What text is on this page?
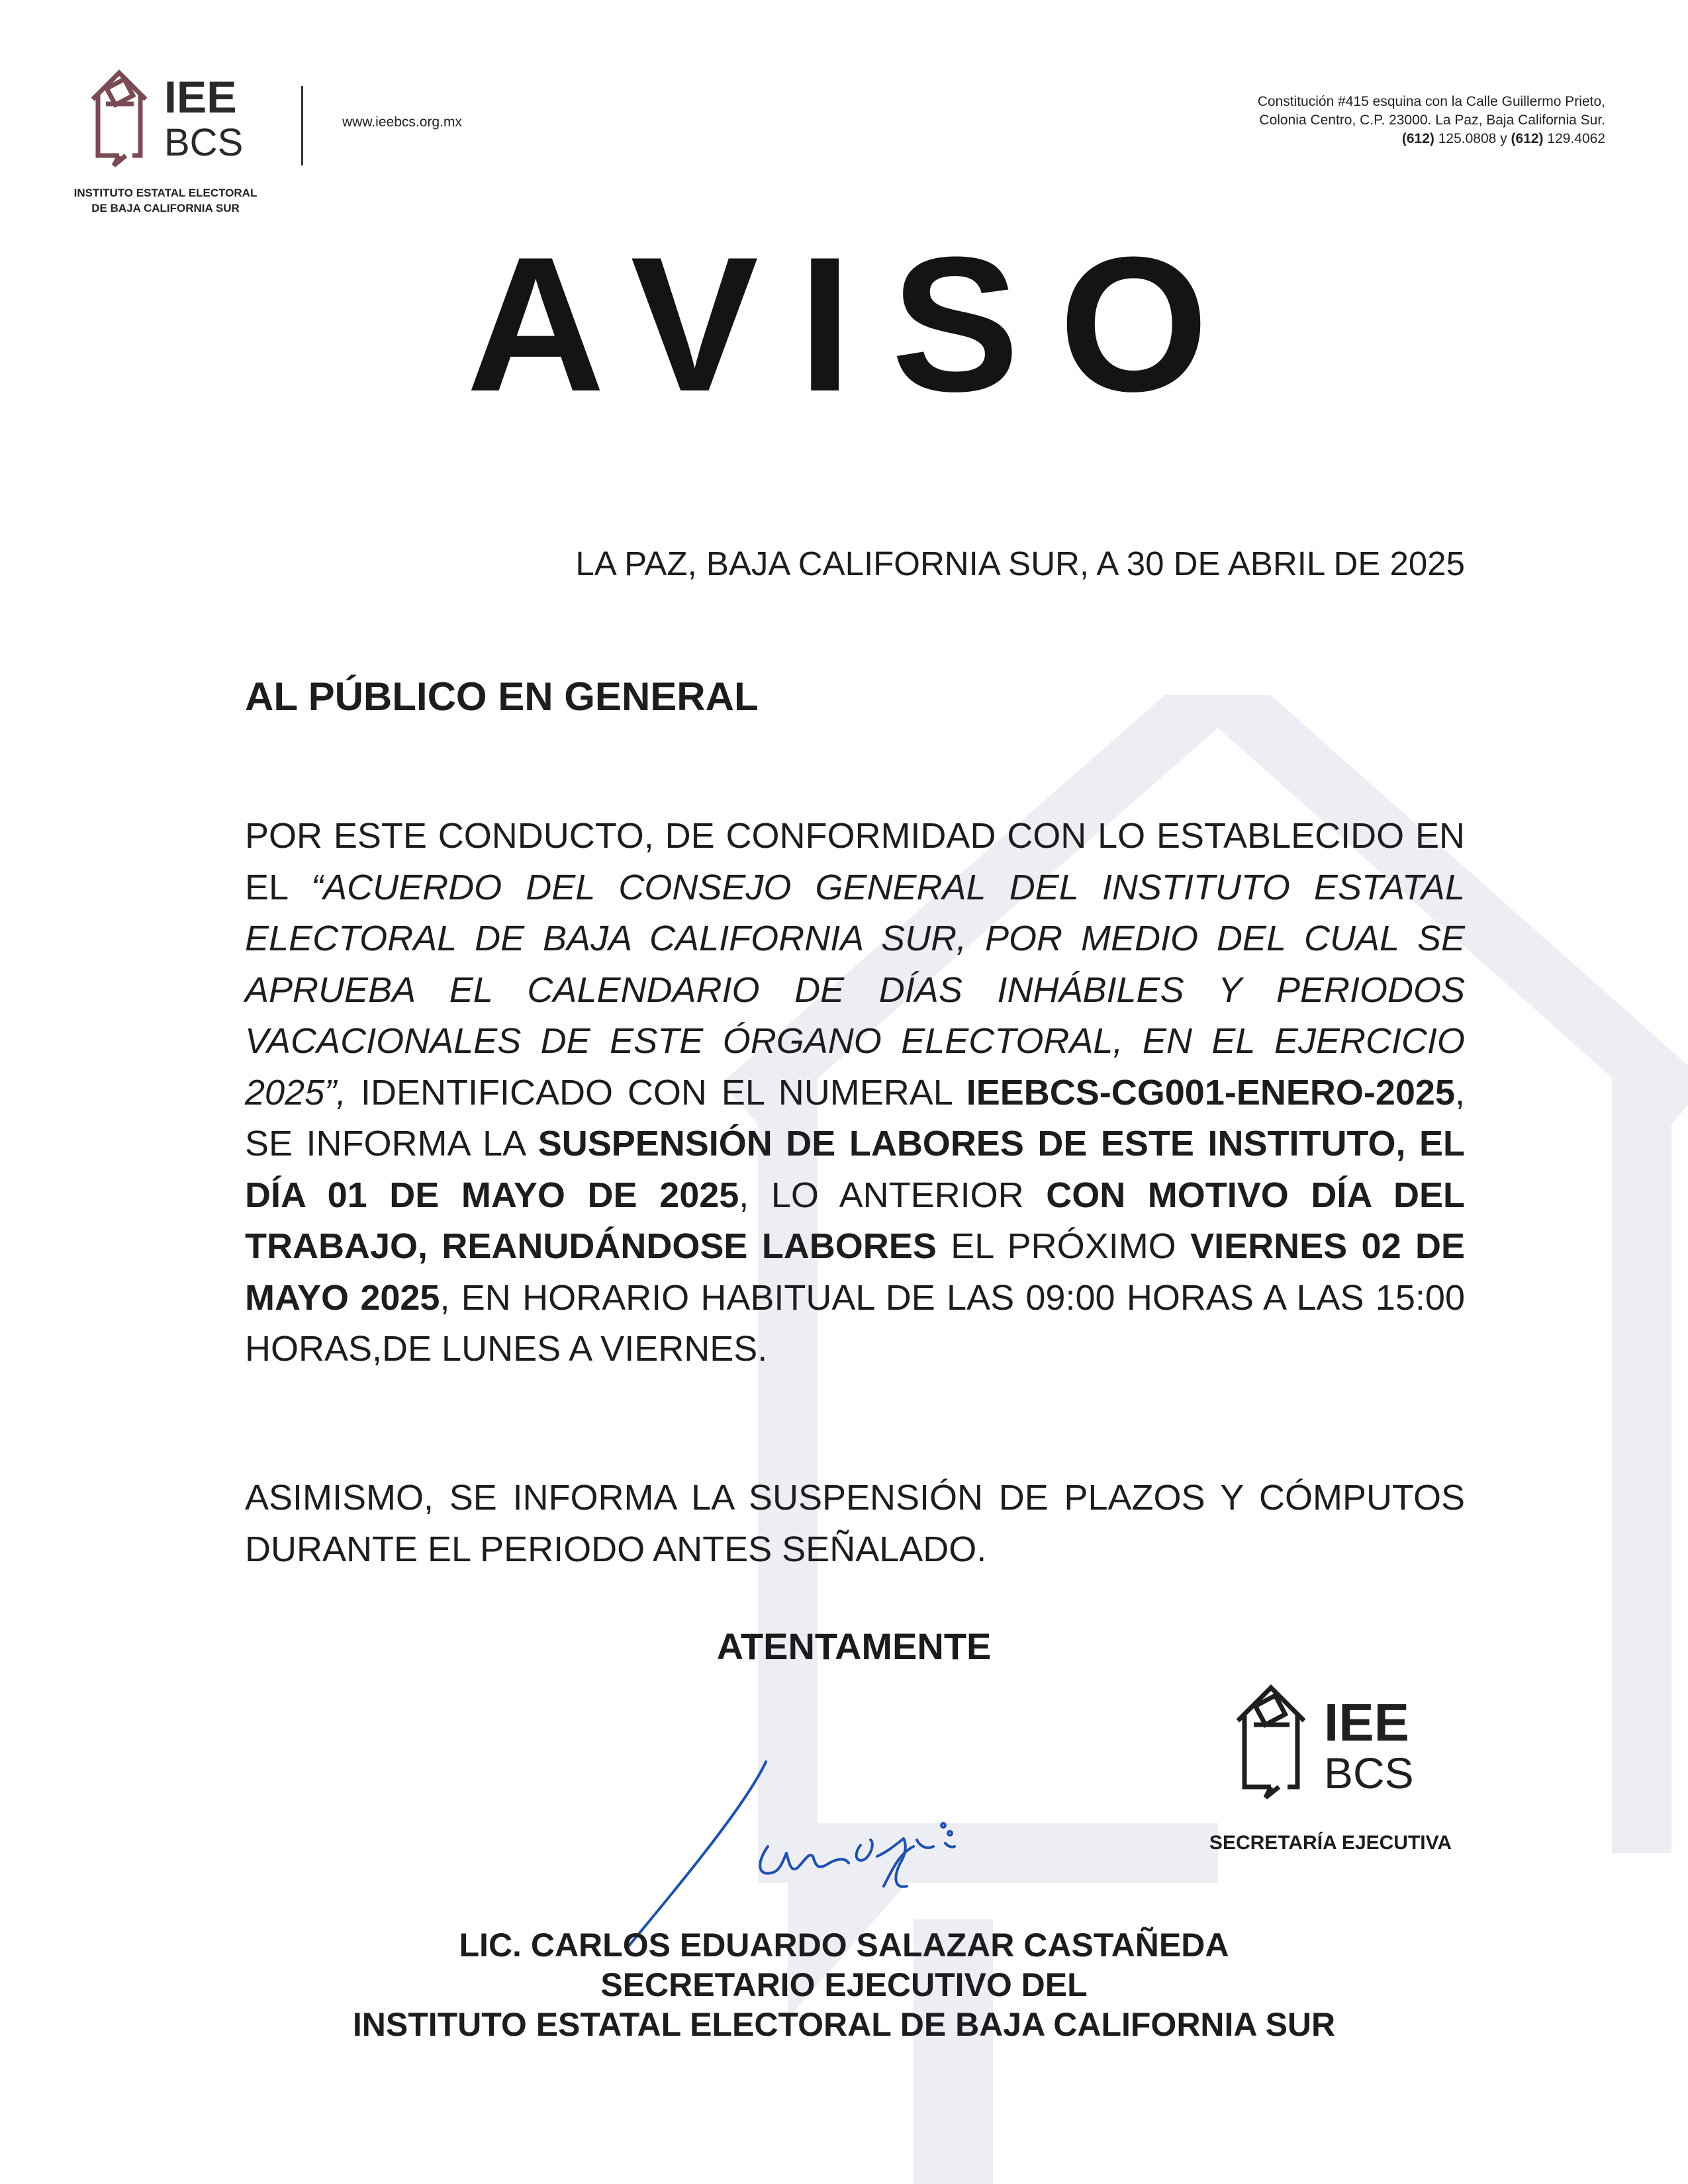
IEE
BCS
INSTITUTO ESTATAL ELECTORAL
DE BAJA CALIFORNIA SUR
www.ieebcs.org.mx
Constitución #415 esquina con la Calle Guillermo Prieto,
Colonia Centro, C.P. 23000. La Paz, Baja California Sur.
(612) 125.0808 y (612) 129.4062
AVISO
LA PAZ, BAJA CALIFORNIA SUR, A 30 DE ABRIL DE 2025
AL PÚBLICO EN GENERAL
POR ESTE CONDUCTO, DE CONFORMIDAD CON LO ESTABLECIDO EN EL “ACUERDO DEL CONSEJO GENERAL DEL INSTITUTO ESTATAL ELECTORAL DE BAJA CALIFORNIA SUR, POR MEDIO DEL CUAL SE APRUEBA EL CALENDARIO DE DÍAS INHÁBILES Y PERIODOS VACACIONALES DE ESTE ÓRGANO ELECTORAL, EN EL EJERCICIO 2025”, IDENTIFICADO CON EL NUMERAL IEEBCS-CG001-ENERO-2025, SE INFORMA LA SUSPENSIÓN DE LABORES DE ESTE INSTITUTO, EL DÍA 01 DE MAYO DE 2025, LO ANTERIOR CON MOTIVO DÍA DEL TRABAJO, REANUDÁNDOSE LABORES EL PRÓXIMO VIERNES 02 DE MAYO 2025, EN HORARIO HABITUAL DE LAS 09:00 HORAS A LAS 15:00 HORAS,DE LUNES A VIERNES.
ASIMISMO, SE INFORMA LA SUSPENSIÓN DE PLAZOS Y CÓMPUTOS DURANTE EL PERIODO ANTES SEÑALADO.
ATENTAMENTE
IEE
BCS
SECRETARÍA EJECUTIVA
LIC. CARLOS EDUARDO SALAZAR CASTAÑEDA
SECRETARIO EJECUTIVO DEL
INSTITUTO ESTATAL ELECTORAL DE BAJA CALIFORNIA SUR
